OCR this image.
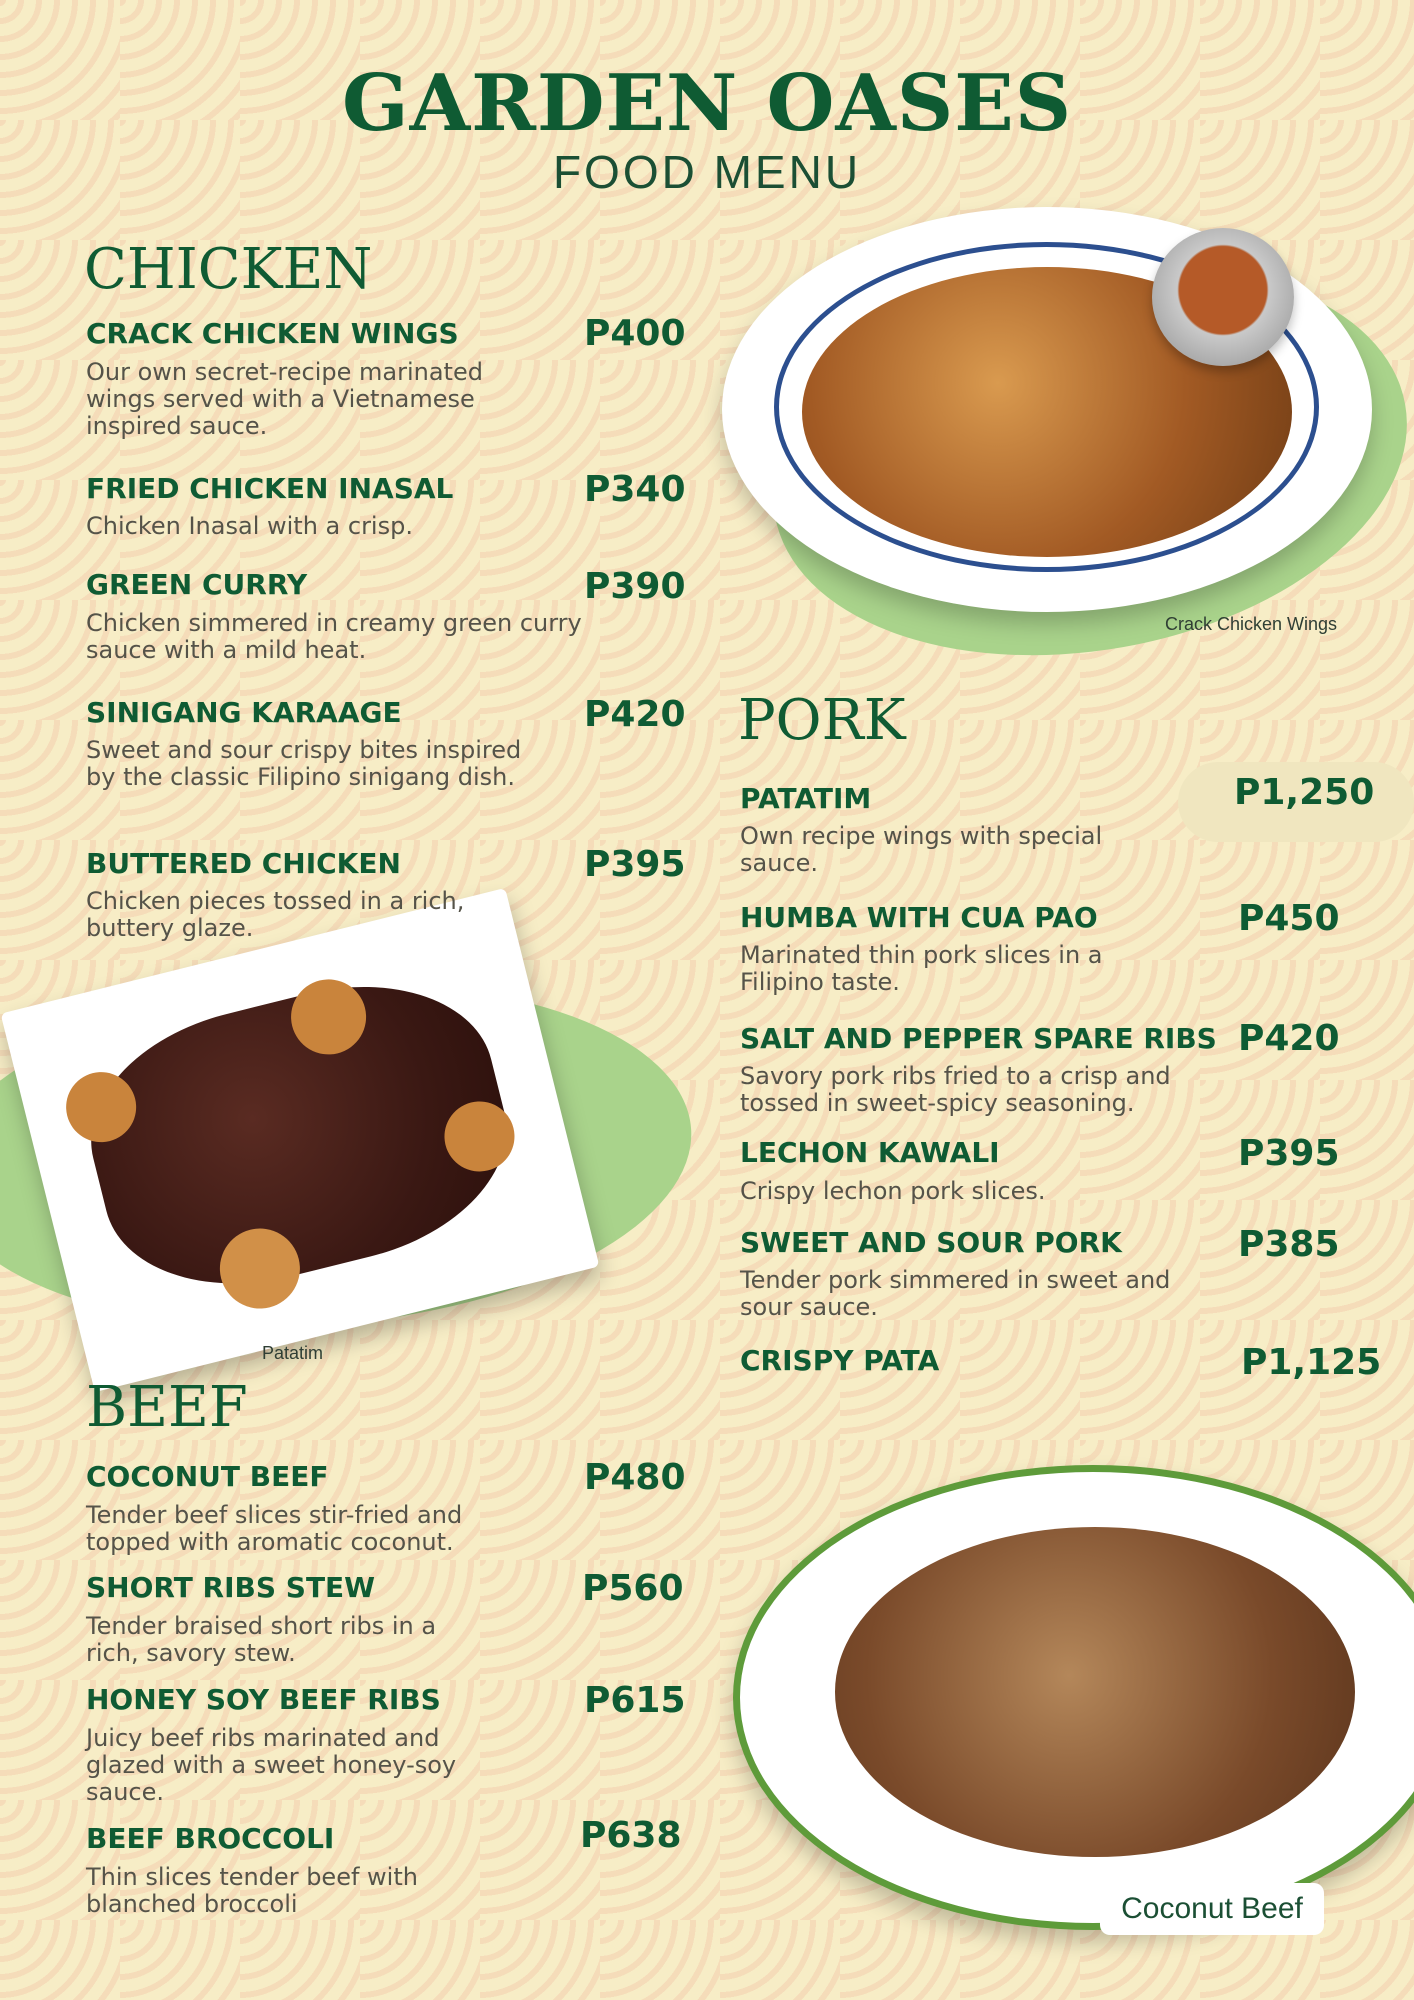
GARDEN OASES
FOOD MENU
Crack Chicken Wings
Patatim
Coconut Beef
CHICKEN
CRACK CHICKEN WINGS	P400
Our own secret-recipe marinated wings served with a Vietnamese inspired sauce.
FRIED CHICKEN INASAL	P340
Chicken Inasal with a crisp.
GREEN CURRY	P390
Chicken simmered in creamy green curry sauce with a mild heat.
SINIGANG KARAAGE	P420
Sweet and sour crispy bites inspired by the classic Filipino sinigang dish.
BUTTERED CHICKEN	P395
Chicken pieces tossed in a rich, buttery glaze.
PORK
PATATIM	P1,250
Own recipe wings with special sauce.
HUMBA WITH CUA PAO	P450
Marinated thin pork slices in a Filipino taste.
SALT AND PEPPER SPARE RIBS P420
Savory pork ribs fried to a crisp and tossed in sweet-spicy seasoning.
LECHON KAWALI	P395
Crispy lechon pork slices.
SWEET AND SOUR PORK	P385
Tender pork simmered in sweet and sour sauce.
CRISPY PATA	P1,125
BEEF
COCONUT BEEF	P480
Tender beef slices stir-fried and topped with aromatic coconut.
SHORT RIBS STEW	P560
Tender braised short ribs in a rich, savory stew.
HONEY SOY BEEF RIBS	P615
Juicy beef ribs marinated and glazed with a sweet honey-soy sauce.
BEEF BROCCOLI	P638
Thin slices tender beef with blanched broccoli
